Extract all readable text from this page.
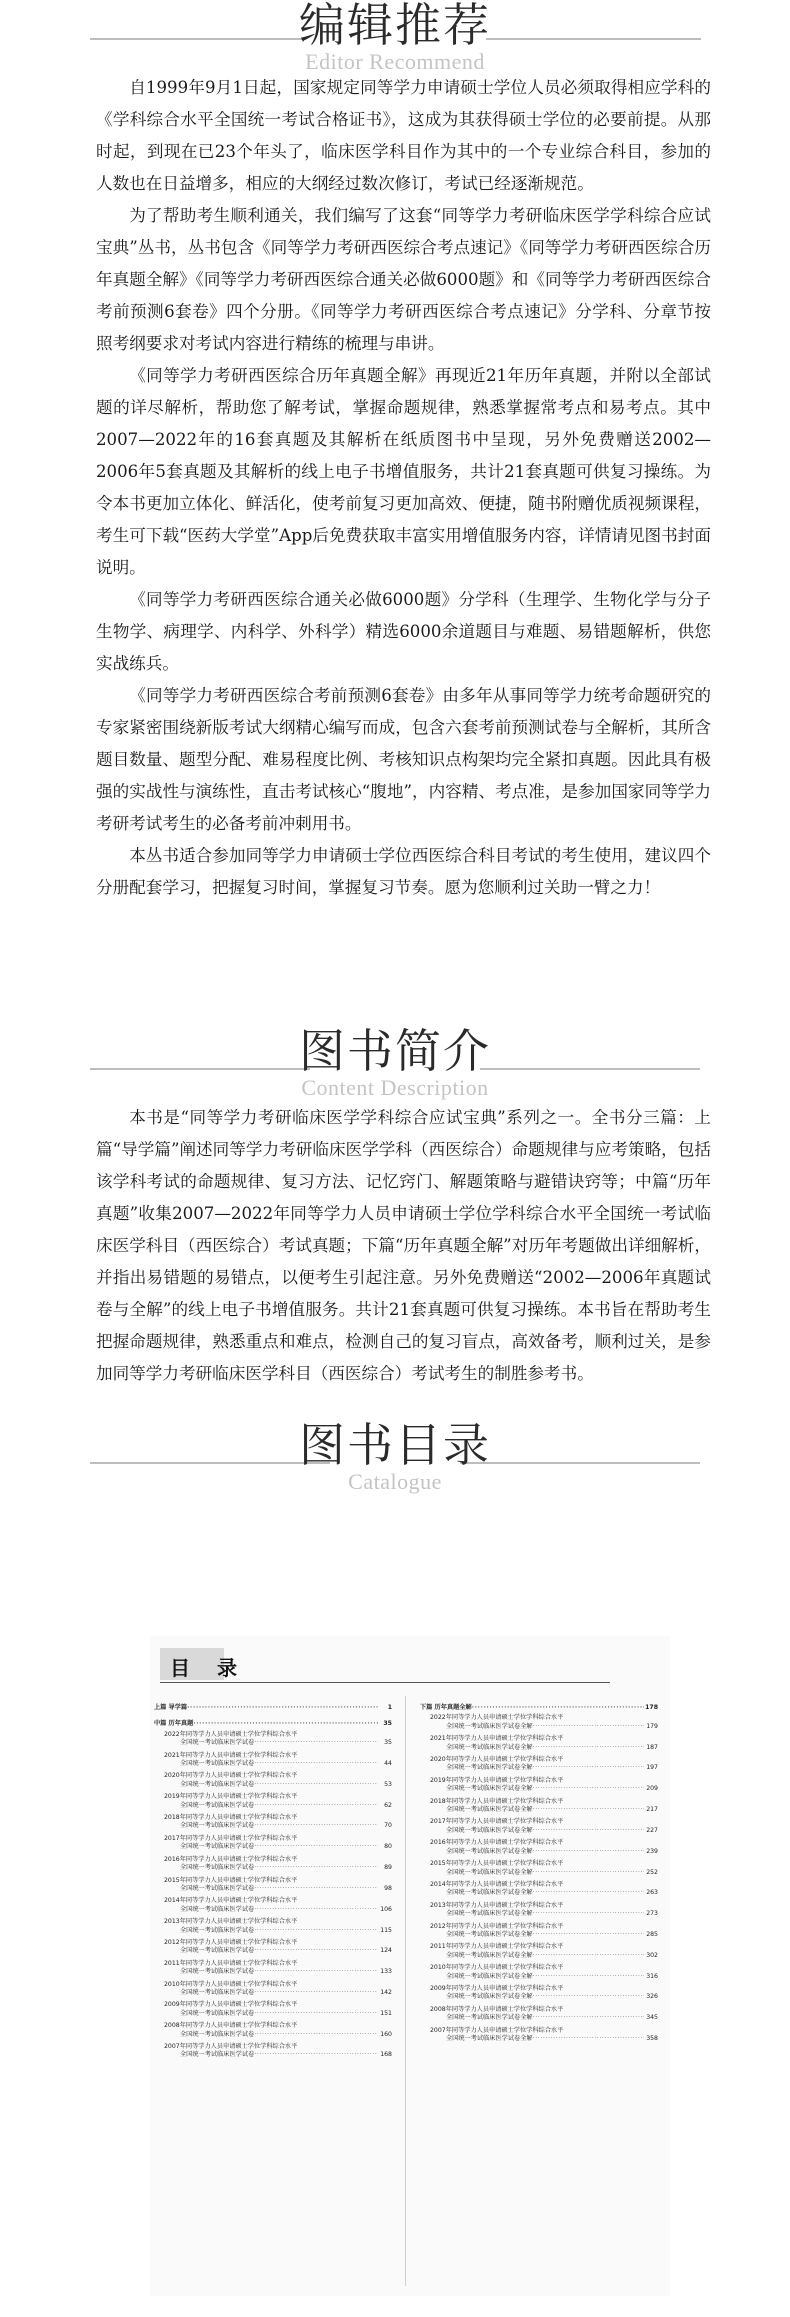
编辑推荐
Editor Recommend

自1999年9月1日起，国家规定同等学力申请硕士学位人员必须取得相应学科的《学科综合水平全国统一考试合格证书》，这成为其获得硕士学位的必要前提。从那时起，到现在已23个年头了，临床医学科目作为其中的一个专业综合科目，参加的人数也在日益增多，相应的大纲经过数次修订，考试已经逐渐规范。

为了帮助考生顺利通关，我们编写了这套“同等学力考研临床医学学科综合应试宝典”丛书，丛书包含《同等学力考研西医综合考点速记》《同等学力考研西医综合历年真题全解》《同等学力考研西医综合通关必做6000题》和《同等学力考研西医综合考前预测6套卷》四个分册。《同等学力考研西医综合考点速记》分学科、分章节按照考纲要求对考试内容进行精练的梳理与串讲。

《同等学力考研西医综合历年真题全解》再现近21年历年真题，并附以全部试题的详尽解析，帮助您了解考试，掌握命题规律，熟悉掌握常考点和易考点。其中2007—2022年的16套真题及其解析在纸质图书中呈现，另外免费赠送2002—2006年5套真题及其解析的线上电子书增值服务，共计21套真题可供复习操练。为令本书更加立体化、鲜活化，使考前复习更加高效、便捷，随书附赠优质视频课程，考生可下载“医药大学堂”App后免费获取丰富实用增值服务内容，详情请见图书封面说明。

《同等学力考研西医综合通关必做6000题》分学科（生理学、生物化学与分子生物学、病理学、内科学、外科学）精选6000余道题目与难题、易错题解析，供您实战练兵。

《同等学力考研西医综合考前预测6套卷》由多年从事同等学力统考命题研究的专家紧密围绕新版考试大纲精心编写而成，包含六套考前预测试卷与全解析，其所含题目数量、题型分配、难易程度比例、考核知识点构架均完全紧扣真题。因此具有极强的实战性与演练性，直击考试核心“腹地”，内容精、考点准，是参加国家同等学力考研考试考生的必备考前冲刺用书。

本丛书适合参加同等学力申请硕士学位西医综合科目考试的考生使用，建议四个分册配套学习，把握复习时间，掌握复习节奏。愿为您顺利过关助一臂之力！

图书简介
Content Description

本书是“同等学力考研临床医学学科综合应试宝典”系列之一。全书分三篇：上篇“导学篇”阐述同等学力考研临床医学学科（西医综合）命题规律与应考策略，包括该学科考试的命题规律、复习方法、记忆窍门、解题策略与避错诀窍等；中篇“历年真题”收集2007—2022年同等学力人员申请硕士学位学科综合水平全国统一考试临床医学科目（西医综合）考试真题；下篇“历年真题全解”对历年考题做出详细解析，并指出易错题的易错点，以便考生引起注意。另外免费赠送“2002—2006年真题试卷与全解”的线上电子书增值服务。共计21套真题可供复习操练。本书旨在帮助考生把握命题规律，熟悉重点和难点，检测自己的复习盲点，高效备考，顺利过关，是参加同等学力考研临床医学科目（西医综合）考试考生的制胜参考书。

图书目录
Catalogue
目 录
上篇 导学篇 ·····	1
中篇 历年真题 ·····	35
2022年同等学力人员申请硕士学位学科综合水平
全国统一考试临床医学试卷 ·····	35
2021年同等学力人员申请硕士学位学科综合水平
全国统一考试临床医学试卷 ·····	44
2020年同等学力人员申请硕士学位学科综合水平
全国统一考试临床医学试卷 ·····	53
2019年同等学力人员申请硕士学位学科综合水平
全国统一考试临床医学试卷 ·····	62
2018年同等学力人员申请硕士学位学科综合水平
全国统一考试临床医学试卷 ·····	70
2017年同等学力人员申请硕士学位学科综合水平
全国统一考试临床医学试卷 ·····	80
2016年同等学力人员申请硕士学位学科综合水平
全国统一考试临床医学试卷 ·····	89
2015年同等学力人员申请硕士学位学科综合水平
全国统一考试临床医学试卷 ·····	98
2014年同等学力人员申请硕士学位学科综合水平
全国统一考试临床医学试卷 ·····	106
2013年同等学力人员申请硕士学位学科综合水平
全国统一考试临床医学试卷 ·····	115
2012年同等学力人员申请硕士学位学科综合水平
全国统一考试临床医学试卷 ·····	124
2011年同等学力人员申请硕士学位学科综合水平
全国统一考试临床医学试卷 ·····	133
2010年同等学力人员申请硕士学位学科综合水平
全国统一考试临床医学试卷 ·····	142
2009年同等学力人员申请硕士学位学科综合水平
全国统一考试临床医学试卷 ·····	151
2008年同等学力人员申请硕士学位学科综合水平
全国统一考试临床医学试卷 ·····	160
2007年同等学力人员申请硕士学位学科综合水平
全国统一考试临床医学试卷 ·····	168
下篇 历年真题全解 ·····	178
2022年同等学力人员申请硕士学位学科综合水平
全国统一考试临床医学试卷全解 ·····	179
2021年同等学力人员申请硕士学位学科综合水平
全国统一考试临床医学试卷全解 ·····	187
2020年同等学力人员申请硕士学位学科综合水平
全国统一考试临床医学试卷全解 ·····	197
2019年同等学力人员申请硕士学位学科综合水平
全国统一考试临床医学试卷全解 ·····	209
2018年同等学力人员申请硕士学位学科综合水平
全国统一考试临床医学试卷全解 ·····	217
2017年同等学力人员申请硕士学位学科综合水平
全国统一考试临床医学试卷全解 ·····	227
2016年同等学力人员申请硕士学位学科综合水平
全国统一考试临床医学试卷全解 ·····	239
2015年同等学力人员申请硕士学位学科综合水平
全国统一考试临床医学试卷全解 ·····	252
2014年同等学力人员申请硕士学位学科综合水平
全国统一考试临床医学试卷全解 ·····	263
2013年同等学力人员申请硕士学位学科综合水平
全国统一考试临床医学试卷全解 ·····	273
2012年同等学力人员申请硕士学位学科综合水平
全国统一考试临床医学试卷全解 ·····	285
2011年同等学力人员申请硕士学位学科综合水平
全国统一考试临床医学试卷全解 ·····	302
2010年同等学力人员申请硕士学位学科综合水平
全国统一考试临床医学试卷全解 ·····	316
2009年同等学力人员申请硕士学位学科综合水平
全国统一考试临床医学试卷全解 ·····	326
2008年同等学力人员申请硕士学位学科综合水平
全国统一考试临床医学试卷全解 ·····	345
2007年同等学力人员申请硕士学位学科综合水平
全国统一考试临床医学试卷全解 ·····	358
